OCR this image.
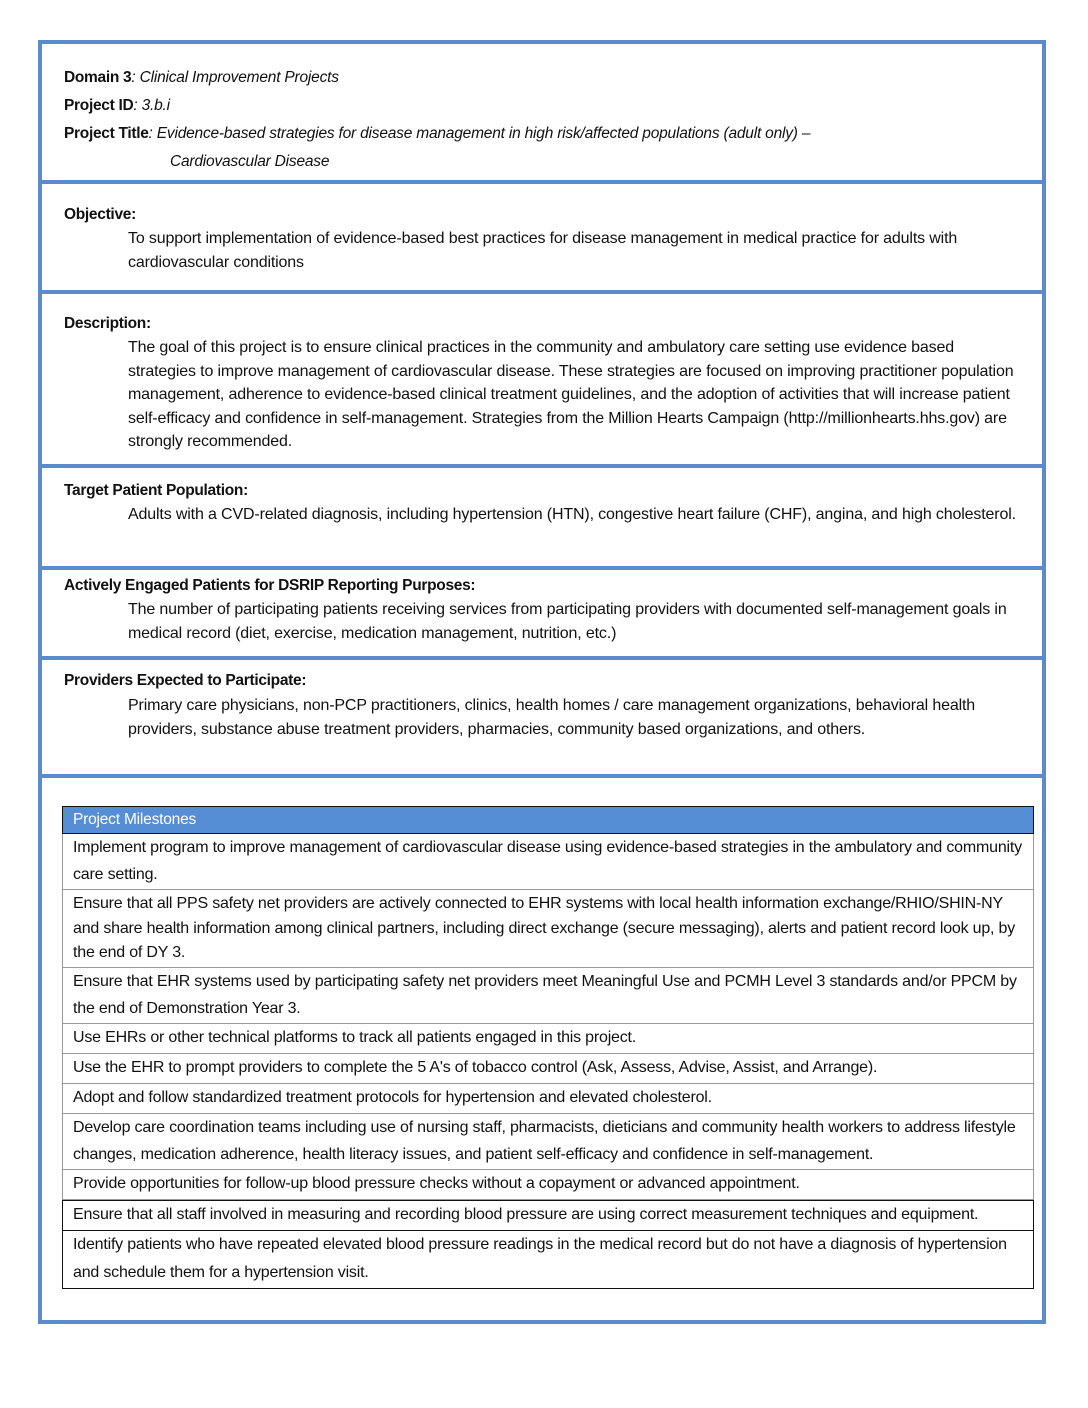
Domain 3: Clinical Improvement Projects
Project ID: 3.b.i
Project Title: Evidence-based strategies for disease management in high risk/affected populations (adult only) –
Cardiovascular Disease
Objective:
To support implementation of evidence-based best practices for disease management in medical practice for adults with cardiovascular conditions
Description:
The goal of this project is to ensure clinical practices in the community and ambulatory care setting use evidence based strategies to improve management of cardiovascular disease. These strategies are focused on improving practitioner population management, adherence to evidence-based clinical treatment guidelines, and the adoption of activities that will increase patient self-efficacy and confidence in self-management. Strategies from the Million Hearts Campaign (http://millionhearts.hhs.gov) are strongly recommended.
Target Patient Population:
Adults with a CVD-related diagnosis, including hypertension (HTN), congestive heart failure (CHF), angina, and high cholesterol.
Actively Engaged Patients for DSRIP Reporting Purposes:
The number of participating patients receiving services from participating providers with documented self-management goals in medical record (diet, exercise, medication management, nutrition, etc.)
Providers Expected to Participate:
Primary care physicians, non-PCP practitioners, clinics, health homes / care management organizations, behavioral health providers, substance abuse treatment providers, pharmacies, community based organizations, and others.
Project Milestones
Implement program to improve management of cardiovascular disease using evidence-based strategies in the ambulatory and community care setting.
Ensure that all PPS safety net providers are actively connected to EHR systems with local health information exchange/RHIO/SHIN-NY and share health information among clinical partners, including direct exchange (secure messaging), alerts and patient record look up, by the end of DY 3.
Ensure that EHR systems used by participating safety net providers meet Meaningful Use and PCMH Level 3 standards and/or PPCM by the end of Demonstration Year 3.
Use EHRs or other technical platforms to track all patients engaged in this project.
Use the EHR to prompt providers to complete the 5 A's of tobacco control (Ask, Assess, Advise, Assist, and Arrange).
Adopt and follow standardized treatment protocols for hypertension and elevated cholesterol.
Develop care coordination teams including use of nursing staff, pharmacists, dieticians and community health workers to address lifestyle changes, medication adherence, health literacy issues, and patient self-efficacy and confidence in self-management.
Provide opportunities for follow-up blood pressure checks without a copayment or advanced appointment.
Ensure that all staff involved in measuring and recording blood pressure are using correct measurement techniques and equipment.
Identify patients who have repeated elevated blood pressure readings in the medical record but do not have a diagnosis of hypertension and schedule them for a hypertension visit.
